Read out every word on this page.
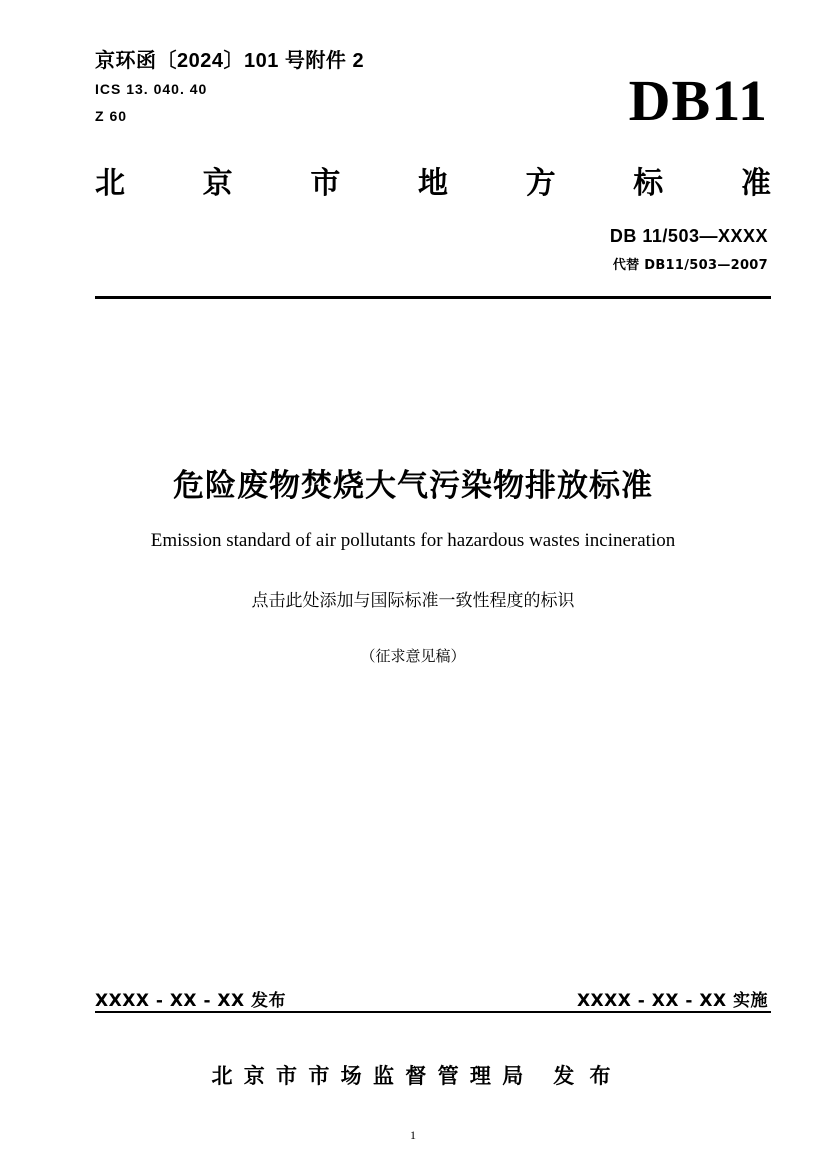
京环函〔2024〕101 号附件 2
ICS 13. 040. 40
Z 60	DB11
北	京	市	地	方	标	准
DB 11/503—XXXX
代替 DB11/503—2007
危险废物焚烧大气污染物排放标准
Emission standard of air pollutants for hazardous wastes incineration
点击此处添加与国际标准一致性程度的标识
（征求意见稿）
XXXX - XX - XX 发布	XXXX - XX - XX 实施
北 京 市 市 场 监 督 管 理 局 发 布
1
